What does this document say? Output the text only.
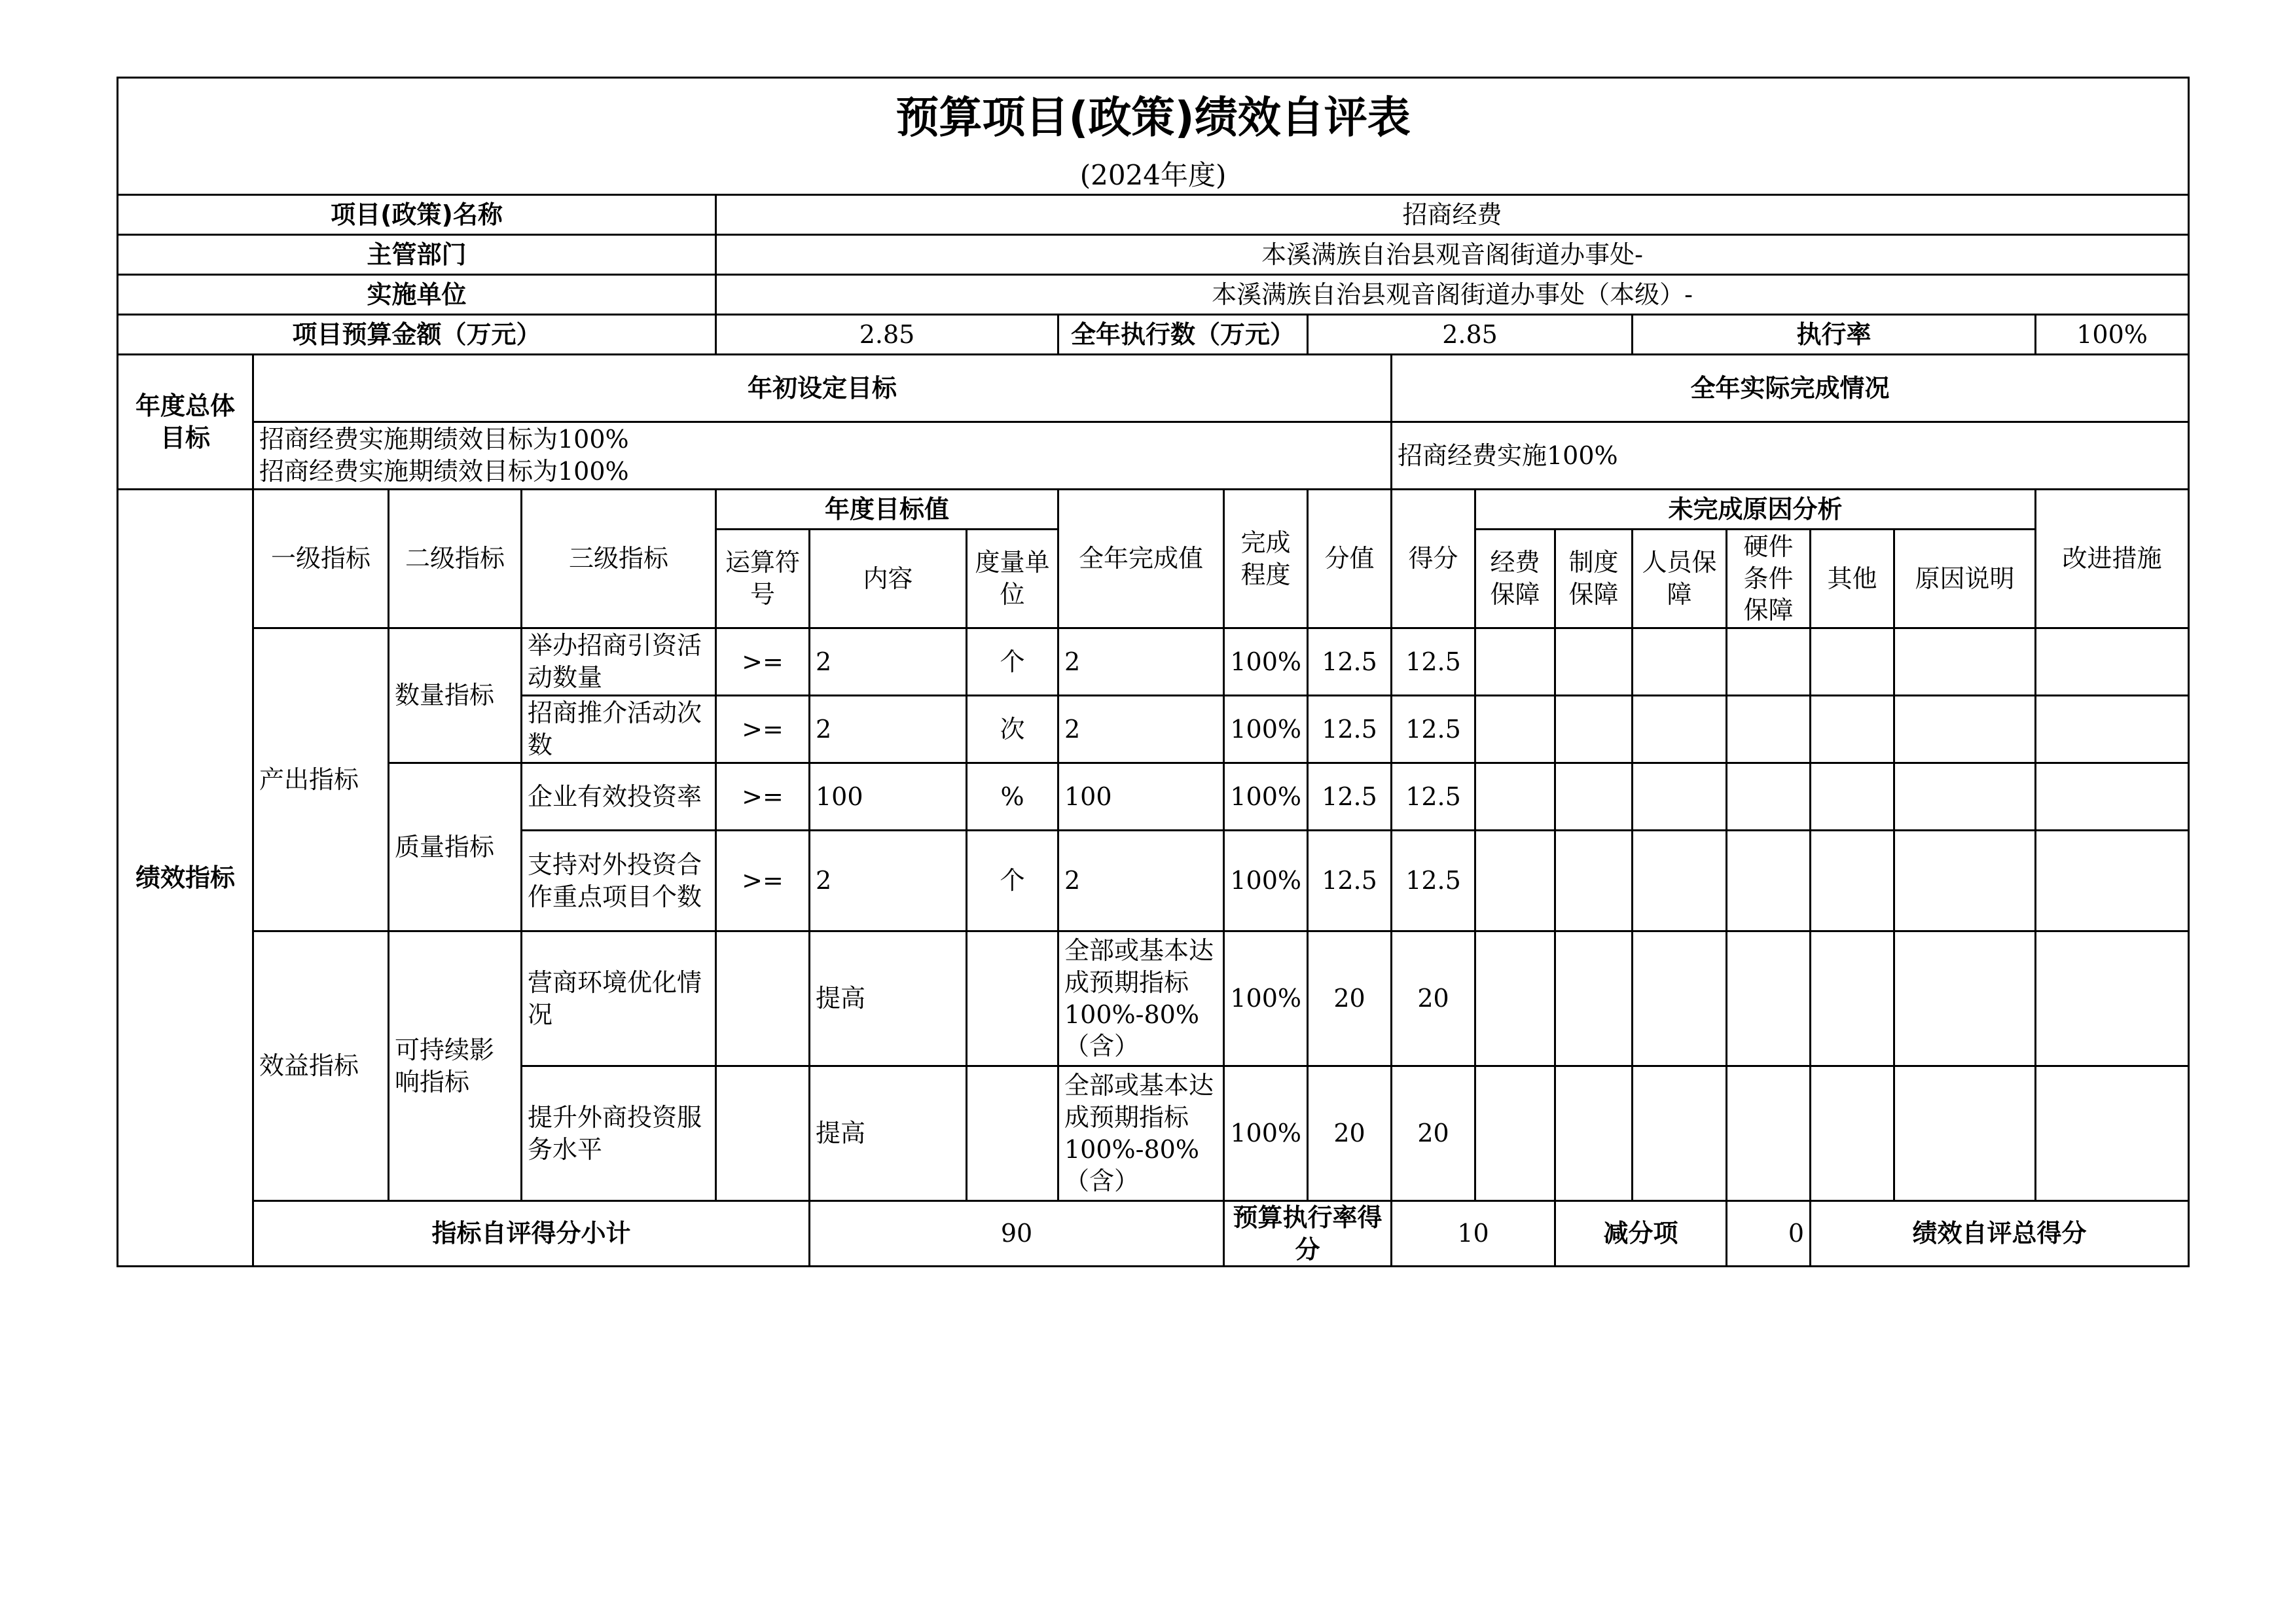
预算项目(政策)绩效自评表																		
(2024年度)																		
项目(政策)名称				招商经费														
主管部门				本溪满族自治县观音阁街道办事处-														
实施单位				本溪满族自治县观音阁街道办事处（本级）-														
项目预算金额（万元）				2.85			全年执行数（万元）		2.85				执行率				100%	
年度总体目标	年初设定目标									全年实际完成情况								

	招商经费实施期绩效目标为100%
招商经费实施期绩效目标为100%									招商经费实施100%								
绩效指标	一级指标	二级指标	三级指标	年度目标值			全年完成值	完成程度	分值	得分	未完成原因分析						改进措施	
				运算符号	内容	度量单位					经费保障	制度保障	人员保障	硬件条件保障	其他	原因说明		
	产出指标	数量指标	举办招商引资活动数量	>=	2	个	2	100%	12.5	12.5								
			招商推介活动次数	>=	2	次	2	100%	12.5	12.5								
		质量指标	企业有效投资率	>=	100	%	100	100%	12.5	12.5								
			支持对外投资合作重点项目个数	>=	2	个	2	100%	12.5	12.5								
	效益指标	可持续影响指标	营商环境优化情况		提高		全部或基本达成预期指标100%-80%（含）	100%	20	20								
			提升外商投资服务水平		提高		全部或基本达成预期指标100%-80%（含）	100%	20	20								
	指标自评得分小计				90			预算执行率得分		10		减分项		0	绩效自评总得分	
